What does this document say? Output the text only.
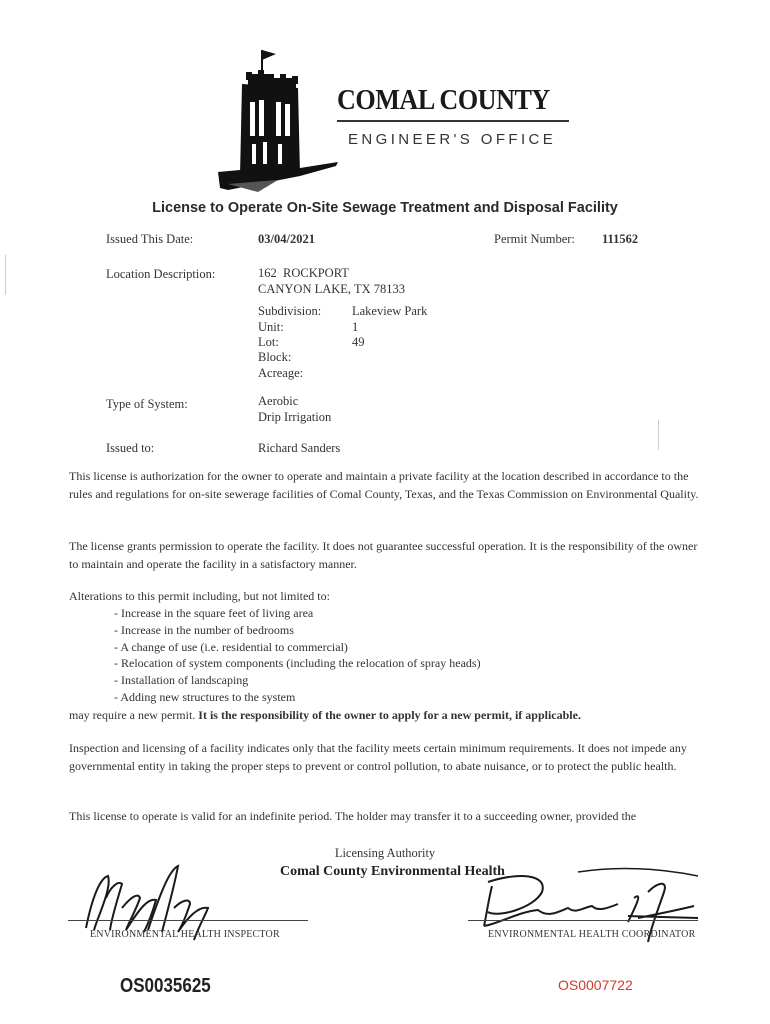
COMAL COUNTY
ENGINEER'S OFFICE
License to Operate On-Site Sewage Treatment and Disposal Facility
Issued This Date:	03/04/2021	Permit Number: 111562
Location Description:	162  ROCKPORT
CANYON LAKE, TX 78133
Subdivision: Lakeview Park
Unit:	1
Lot:	49
Block:
Acreage:
Type of System:	Aerobic
Drip Irrigation
Issued to:	Richard Sanders
This license is authorization for the owner to operate and maintain a private facility at the location described in accordance to the rules and regulations for on-site sewerage facilities of Comal County, Texas, and the Texas Commission on Environmental Quality.
The license grants permission to operate the facility. It does not guarantee successful operation. It is the responsibility of the owner to maintain and operate the facility in a satisfactory manner.
Alterations to this permit including, but not limited to:
- Increase in the square feet of living area
- Increase in the number of bedrooms
- A change of use (i.e. residential to commercial)
- Relocation of system components (including the relocation of spray heads)
- Installation of landscaping
- Adding new structures to the system
may require a new permit. It is the responsibility of the owner to apply for a new permit, if applicable.
Inspection and licensing of a facility indicates only that the facility meets certain minimum requirements. It does not impede any governmental entity in taking the proper steps to prevent or control pollution, to abate nuisance, or to protect the public health.
This license to operate is valid for an indefinite period. The holder may transfer it to a succeeding owner, provided the
Licensing Authority
Comal County Environmental Health
ENVIRONMENTAL HEALTH INSPECTOR	ENVIRONMENTAL HEALTH COORDINATOR
OS0035625	OS0007722
